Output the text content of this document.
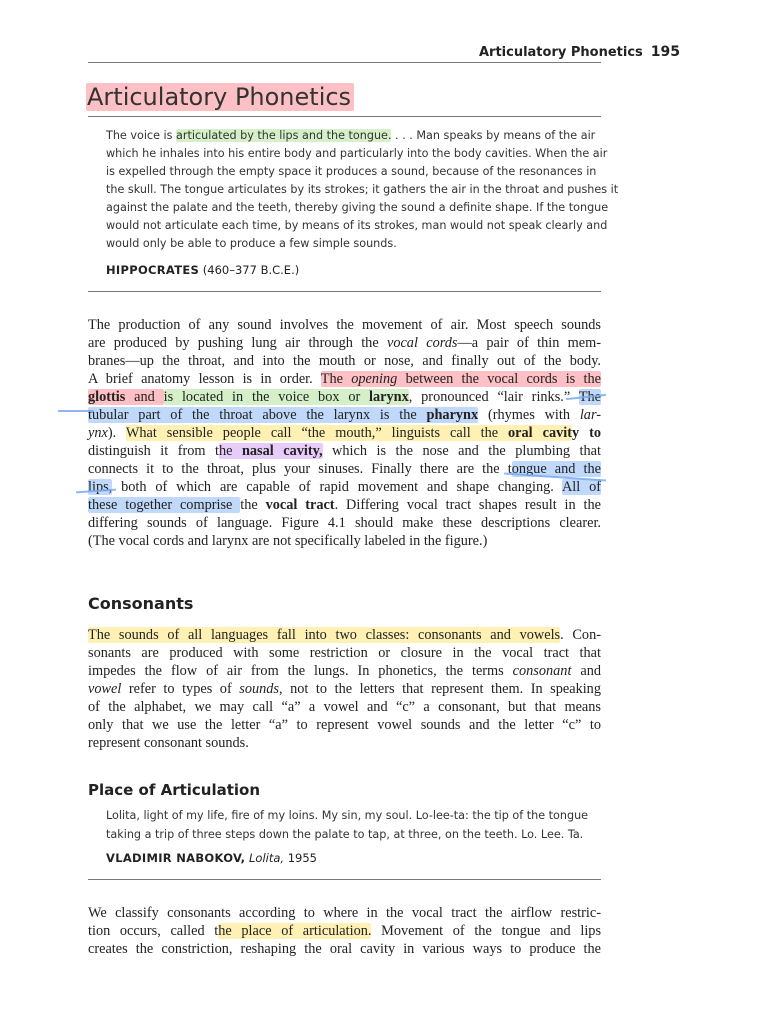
Articulatory Phonetics 195
Articulatory Phonetics
The voice is articulated by the lips and the tongue. . . . Man speaks by means of the air
which he inhales into his entire body and particularly into the body cavities. When the air
is expelled through the empty space it produces a sound, because of the resonances in
the skull. The tongue articulates by its strokes; it gathers the air in the throat and pushes it
against the palate and the teeth, thereby giving the sound a definite shape. If the tongue
would not articulate each time, by means of its strokes, man would not speak clearly and
would only be able to produce a few simple sounds.
HIPPOCRATES (460–377 B.C.E.)
The production of any sound involves the movement of air. Most speech sounds
are produced by pushing lung air through the vocal cords—a pair of thin mem-
branes—up the throat, and into the mouth or nose, and finally out of the body.
A brief anatomy lesson is in order. The opening between the vocal cords is the
glottis and is located in the voice box or larynx, pronounced “lair rinks.” The
tubular part of the throat above the larynx is the pharynx (rhymes with lar-
ynx). What sensible people call “the mouth,” linguists call the oral cavity to
distinguish it from the nasal cavity, which is the nose and the plumbing that
connects it to the throat, plus your sinuses. Finally there are the tongue and the
lips, both of which are capable of rapid movement and shape changing. All of
these together comprise the vocal tract. Differing vocal tract shapes result in the
differing sounds of language. Figure 4.1 should make these descriptions clearer.
(The vocal cords and larynx are not specifically labeled in the figure.)
Consonants
The sounds of all languages fall into two classes: consonants and vowels. Con-
sonants are produced with some restriction or closure in the vocal tract that
impedes the flow of air from the lungs. In phonetics, the terms consonant and
vowel refer to types of sounds, not to the letters that represent them. In speaking
of the alphabet, we may call “a” a vowel and “c” a consonant, but that means
only that we use the letter “a” to represent vowel sounds and the letter “c” to
represent consonant sounds.
Place of Articulation
Lolita, light of my life, fire of my loins. My sin, my soul. Lo-lee-ta: the tip of the tongue
taking a trip of three steps down the palate to tap, at three, on the teeth. Lo. Lee. Ta.
VLADIMIR NABOKOV, Lolita, 1955
We classify consonants according to where in the vocal tract the airflow restric-
tion occurs, called the place of articulation. Movement of the tongue and lips
creates the constriction, reshaping the oral cavity in various ways to produce the
